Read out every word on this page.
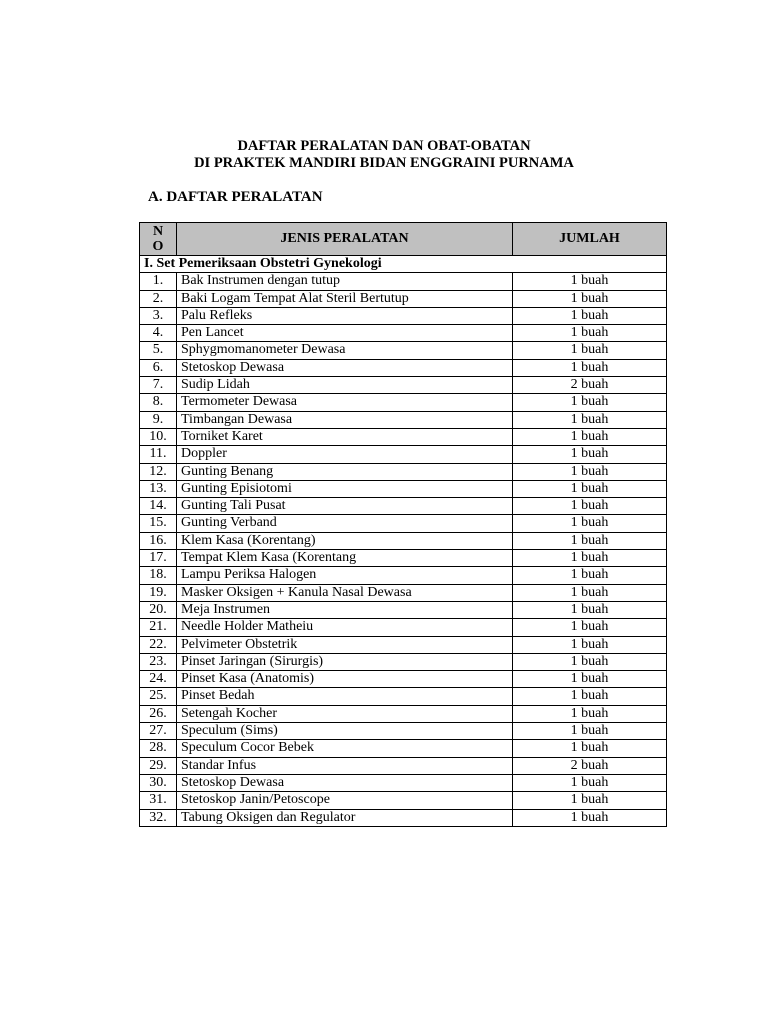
DAFTAR PERALATAN DAN OBAT-OBATAN
DI PRAKTEK MANDIRI BIDAN ENGGRAINI PURNAMA
A. DAFTAR PERALATAN
N
O	JENIS PERALATAN	JUMLAH
I. Set Pemeriksaan Obstetri Gynekologi		
1.	Bak Instrumen dengan tutup	1 buah
2.	Baki Logam Tempat Alat Steril Bertutup	1 buah
3.	Palu Refleks	1 buah
4.	Pen Lancet	1 buah
5.	Sphygmomanometer Dewasa	1 buah
6.	Stetoskop Dewasa	1 buah
7.	Sudip Lidah	2 buah
8.	Termometer Dewasa	1 buah
9.	Timbangan Dewasa	1 buah
10.	Torniket Karet	1 buah
11.	Doppler	1 buah
12.	Gunting Benang	1 buah
13.	Gunting Episiotomi	1 buah
14.	Gunting Tali Pusat	1 buah
15.	Gunting Verband	1 buah
16.	Klem Kasa (Korentang)	1 buah
17.	Tempat Klem Kasa (Korentang	1 buah
18.	Lampu Periksa Halogen	1 buah
19.	Masker Oksigen + Kanula Nasal Dewasa	1 buah
20.	Meja Instrumen	1 buah
21.	Needle Holder Matheiu	1 buah
22.	Pelvimeter Obstetrik	1 buah
23.	Pinset Jaringan (Sirurgis)	1 buah
24.	Pinset Kasa (Anatomis)	1 buah
25.	Pinset Bedah	1 buah
26.	Setengah Kocher	1 buah
27.	Speculum (Sims)	1 buah
28.	Speculum Cocor Bebek	1 buah
29.	Standar Infus	2 buah
30.	Stetoskop Dewasa	1 buah
31.	Stetoskop Janin/Petoscope	1 buah
32.	Tabung Oksigen dan Regulator	1 buah
